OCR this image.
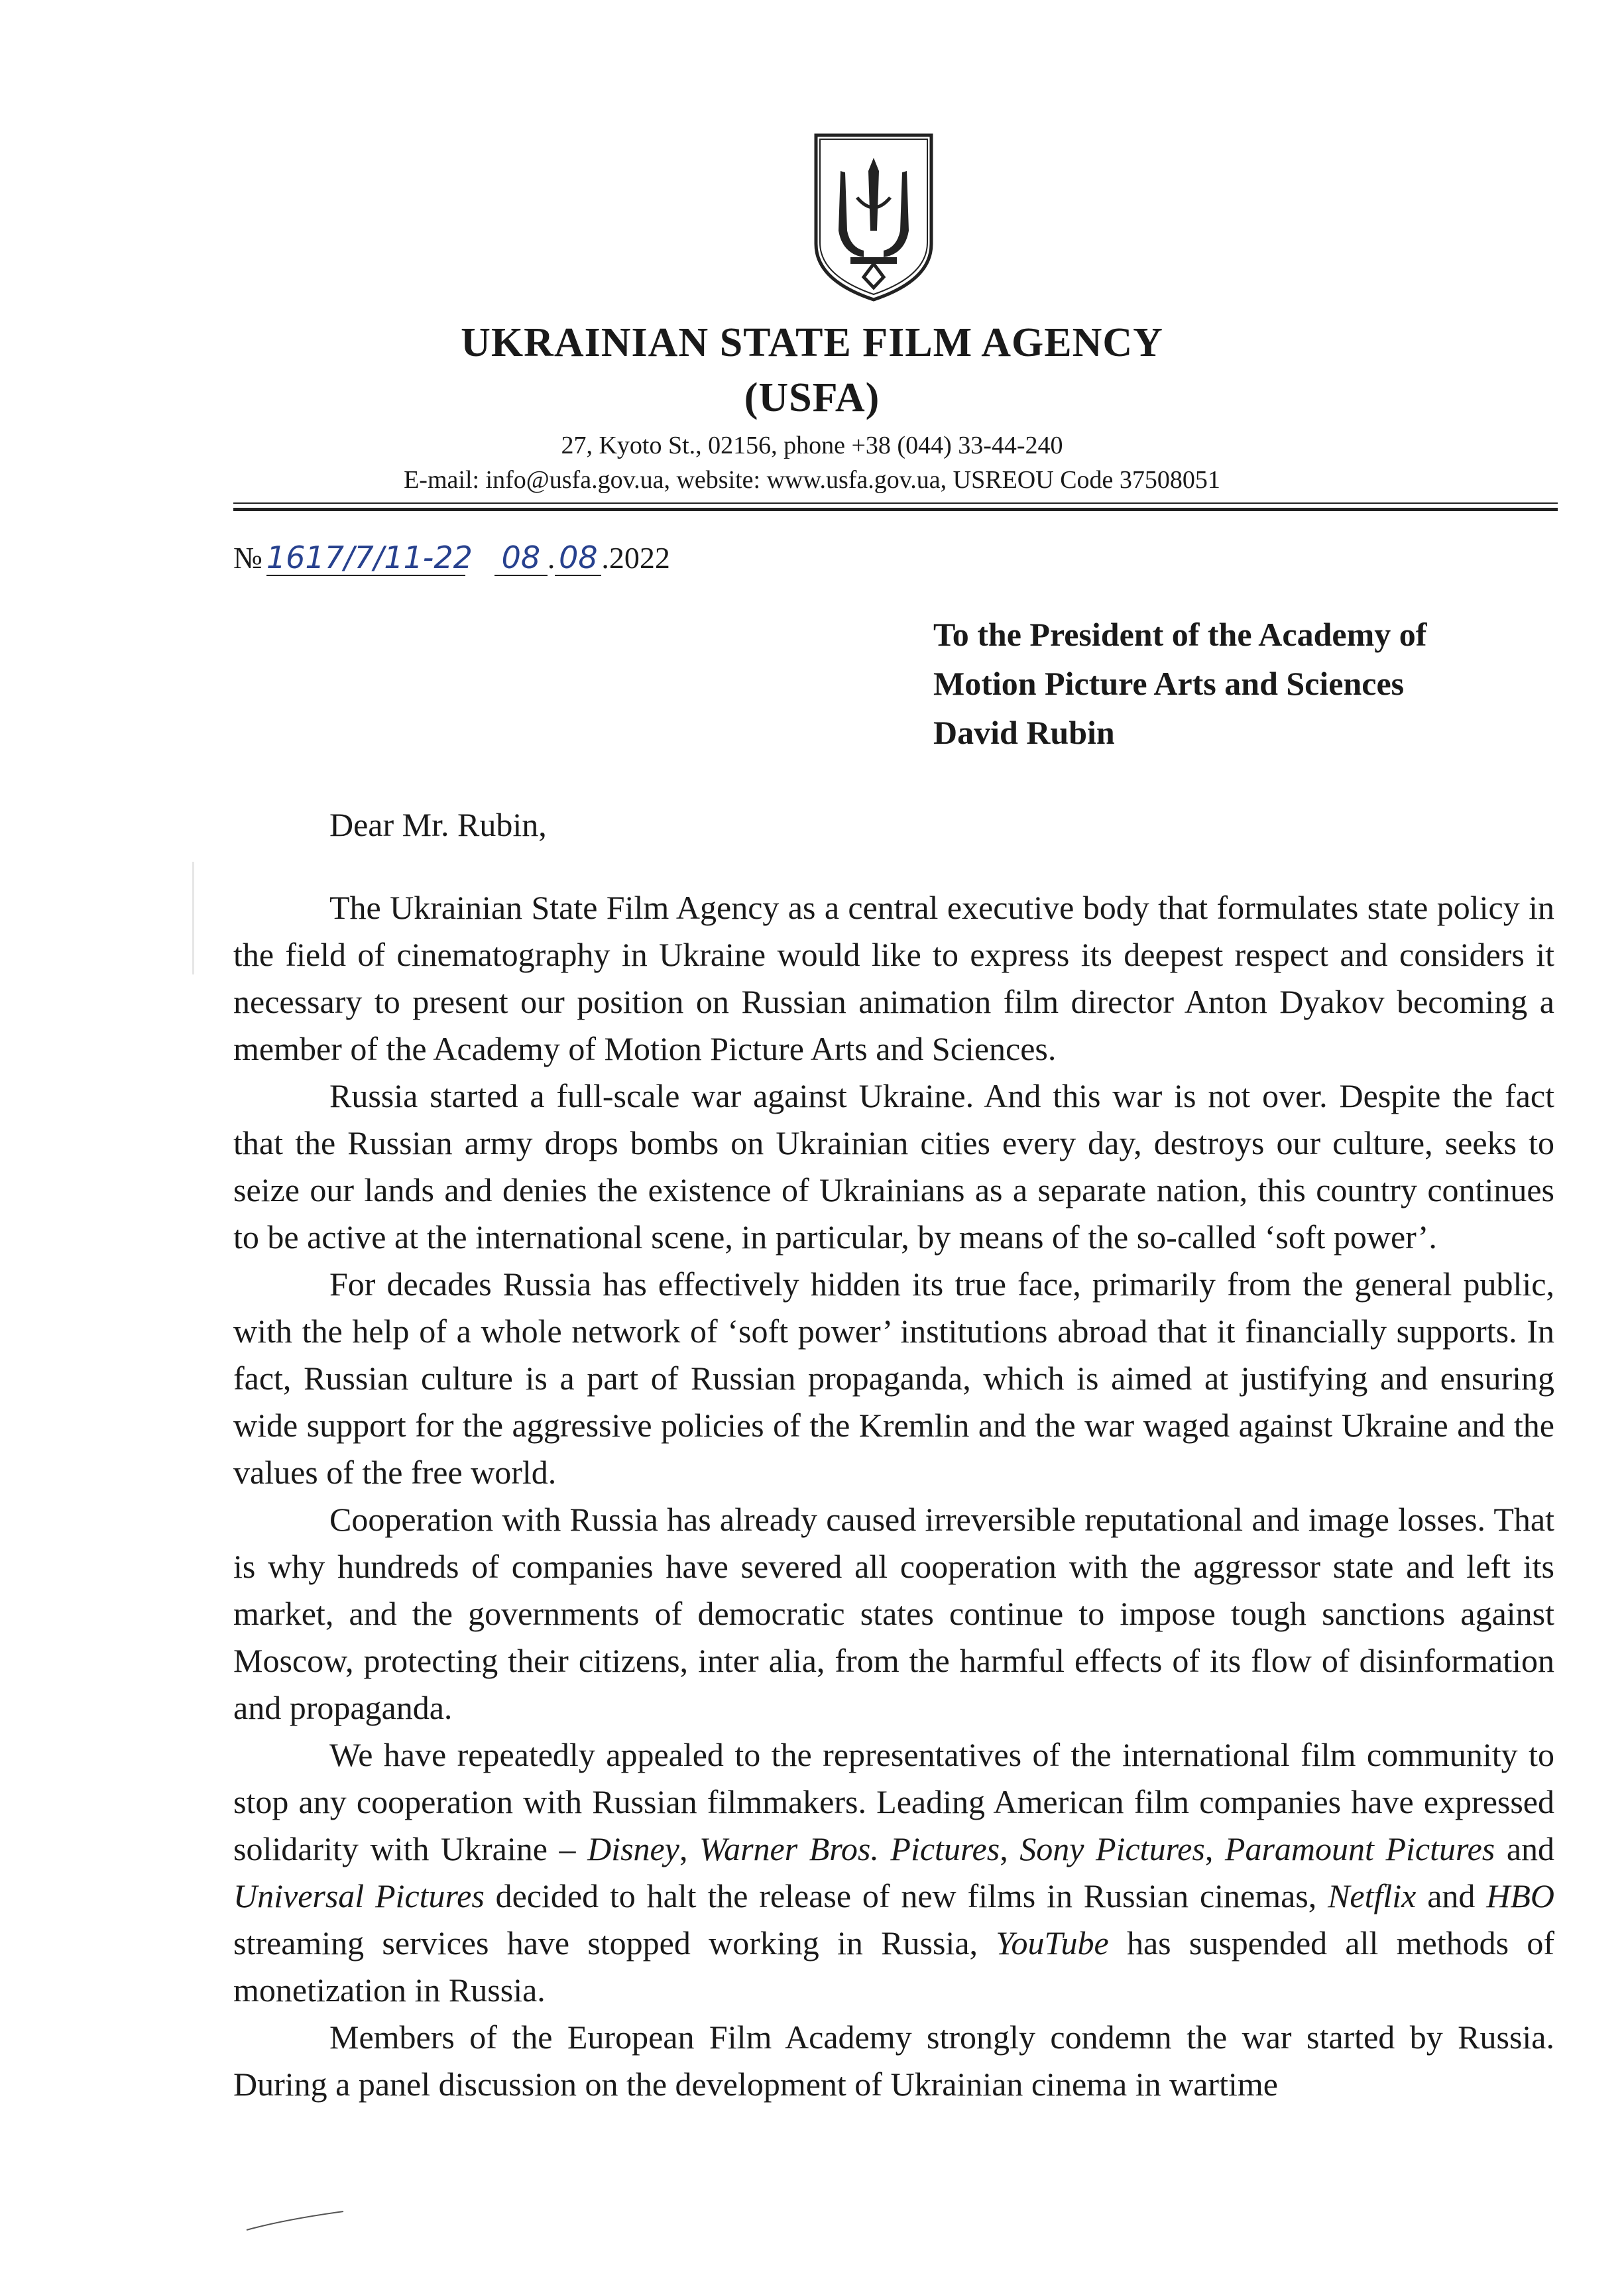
UKRAINIAN STATE FILM AGENCY
(USFA)
27, Kyoto St., 02156, phone +38 (044) 33-44-240
E-mail: info@usfa.gov.ua, website: www.usfa.gov.ua, USREOU Code 37508051
№ 1617/7/11-22 08 . 08 .2022
To the President of the Academy of
Motion Picture Arts and Sciences
David Rubin
Dear Mr. Rubin,

The Ukrainian State Film Agency as a central executive body that formulates state policy in the field of cinematography in Ukraine would like to express its deepest respect and considers it necessary to present our position on Russian animation film director Anton Dyakov becoming a member of the Academy of Motion Picture Arts and Sciences.

Russia started a full-scale war against Ukraine. And this war is not over. Despite the fact that the Russian army drops bombs on Ukrainian cities every day, destroys our culture, seeks to seize our lands and denies the existence of Ukrainians as a separate nation, this country continues to be active at the international scene, in particular, by means of the so-called ‘soft power’.

For decades Russia has effectively hidden its true face, primarily from the general public, with the help of a whole network of ‘soft power’ institutions abroad that it financially supports. In fact, Russian culture is a part of Russian propaganda, which is aimed at justifying and ensuring wide support for the aggressive policies of the Kremlin and the war waged against Ukraine and the values of the free world.

Cooperation with Russia has already caused irreversible reputational and image losses. That is why hundreds of companies have severed all cooperation with the aggressor state and left its market, and the governments of democratic states continue to impose tough sanctions against Moscow, protecting their citizens, inter alia, from the harmful effects of its flow of disinformation and propaganda.

We have repeatedly appealed to the representatives of the international film community to stop any cooperation with Russian filmmakers. Leading American film companies have expressed solidarity with Ukraine – Disney, Warner Bros. Pictures, Sony Pictures, Paramount Pictures and Universal Pictures decided to halt the release of new films in Russian cinemas, Netflix and HBO streaming services have stopped working in Russia, YouTube has suspended all methods of monetization in Russia.

Members of the European Film Academy strongly condemn the war started by Russia. During a panel discussion on the development of Ukrainian cinema in wartime
